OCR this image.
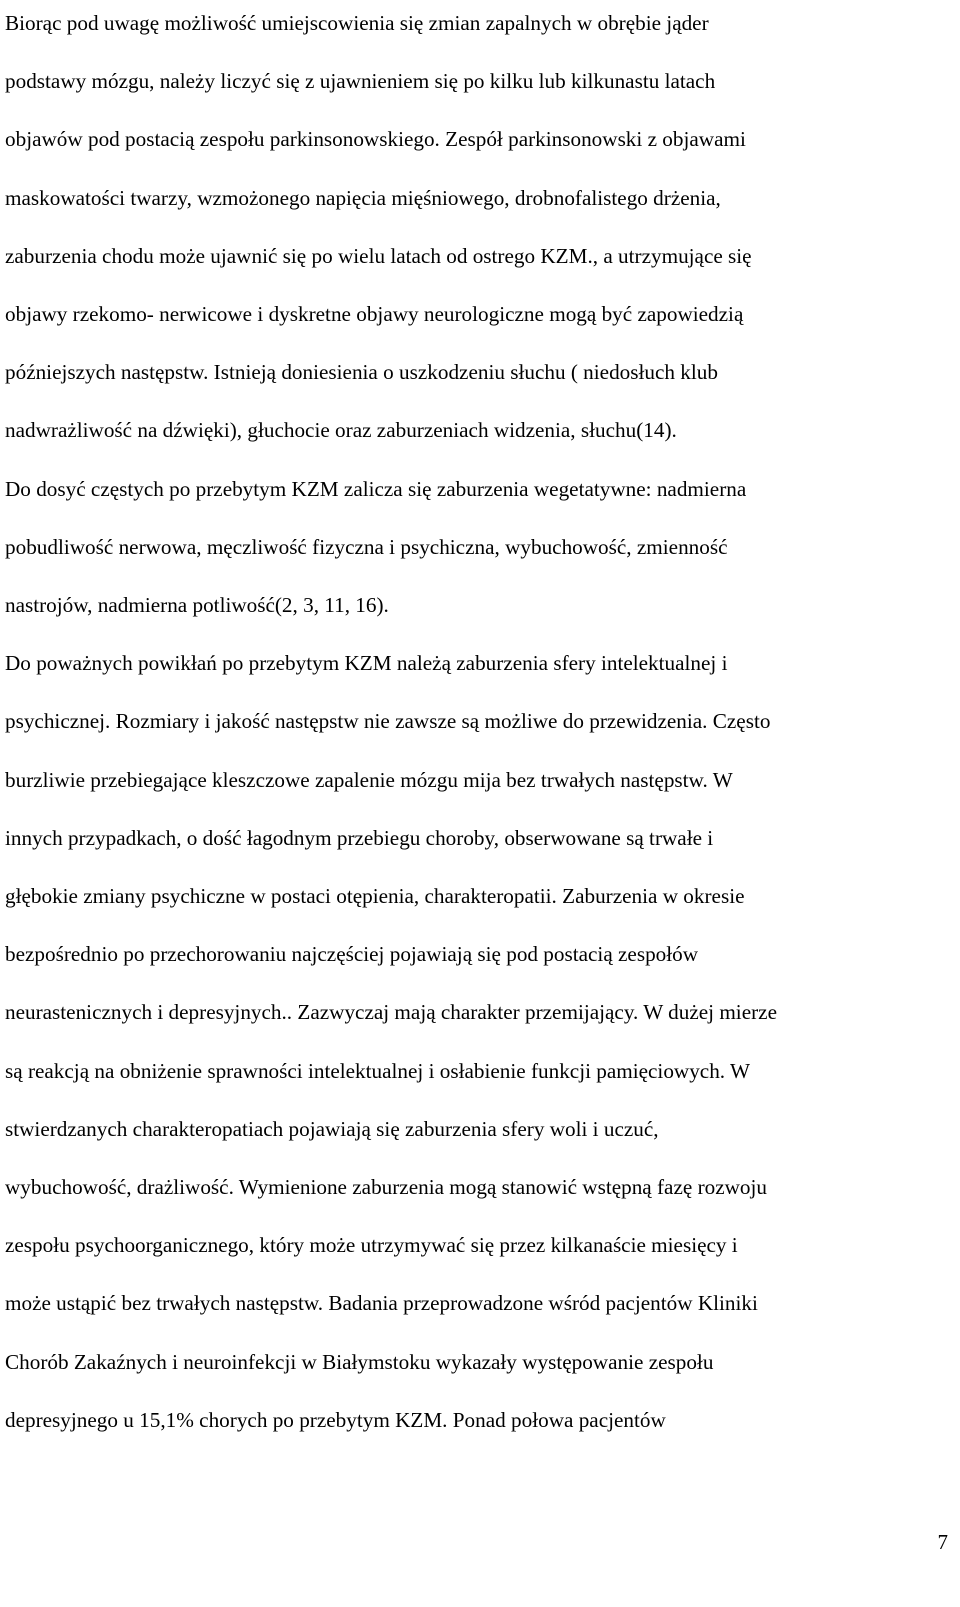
Biorąc pod uwagę możliwość umiejscowienia się zmian zapalnych w obrębie jąder
podstawy mózgu, należy liczyć się z ujawnieniem się po kilku lub kilkunastu latach
objawów pod postacią zespołu parkinsonowskiego. Zespół parkinsonowski z objawami
maskowatości twarzy, wzmożonego napięcia mięśniowego, drobnofalistego drżenia,
zaburzenia chodu może ujawnić się po wielu latach od ostrego KZM., a utrzymujące się
objawy rzekomo- nerwicowe i dyskretne objawy neurologiczne mogą być zapowiedzią
późniejszych następstw. Istnieją doniesienia o uszkodzeniu słuchu ( niedosłuch klub
nadwrażliwość na dźwięki), głuchocie oraz zaburzeniach widzenia, słuchu(14).
Do dosyć częstych po przebytym KZM zalicza się zaburzenia wegetatywne: nadmierna
pobudliwość nerwowa, męczliwość fizyczna i psychiczna, wybuchowość, zmienność
nastrojów, nadmierna potliwość(2, 3, 11, 16).
Do poważnych powikłań po przebytym KZM należą zaburzenia sfery intelektualnej i
psychicznej. Rozmiary i jakość następstw nie zawsze są możliwe do przewidzenia. Często
burzliwie przebiegające kleszczowe zapalenie mózgu mija bez trwałych następstw. W
innych przypadkach, o dość łagodnym przebiegu choroby, obserwowane są trwałe i
głębokie zmiany psychiczne w postaci otępienia, charakteropatii. Zaburzenia w okresie
bezpośrednio po przechorowaniu najczęściej pojawiają się pod postacią zespołów
neurastenicznych i depresyjnych.. Zazwyczaj mają charakter przemijający. W dużej mierze
są reakcją na obniżenie sprawności intelektualnej i osłabienie funkcji pamięciowych. W
stwierdzanych charakteropatiach pojawiają się zaburzenia sfery woli i uczuć,
wybuchowość, drażliwość. Wymienione zaburzenia mogą stanowić wstępną fazę rozwoju
zespołu psychoorganicznego, który może utrzymywać się przez kilkanaście miesięcy i
może ustąpić bez trwałych następstw. Badania przeprowadzone wśród pacjentów Kliniki
Chorób Zakaźnych i neuroinfekcji w Białymstoku wykazały występowanie zespołu
depresyjnego u 15,1% chorych po przebytym KZM. Ponad połowa pacjentów
7
